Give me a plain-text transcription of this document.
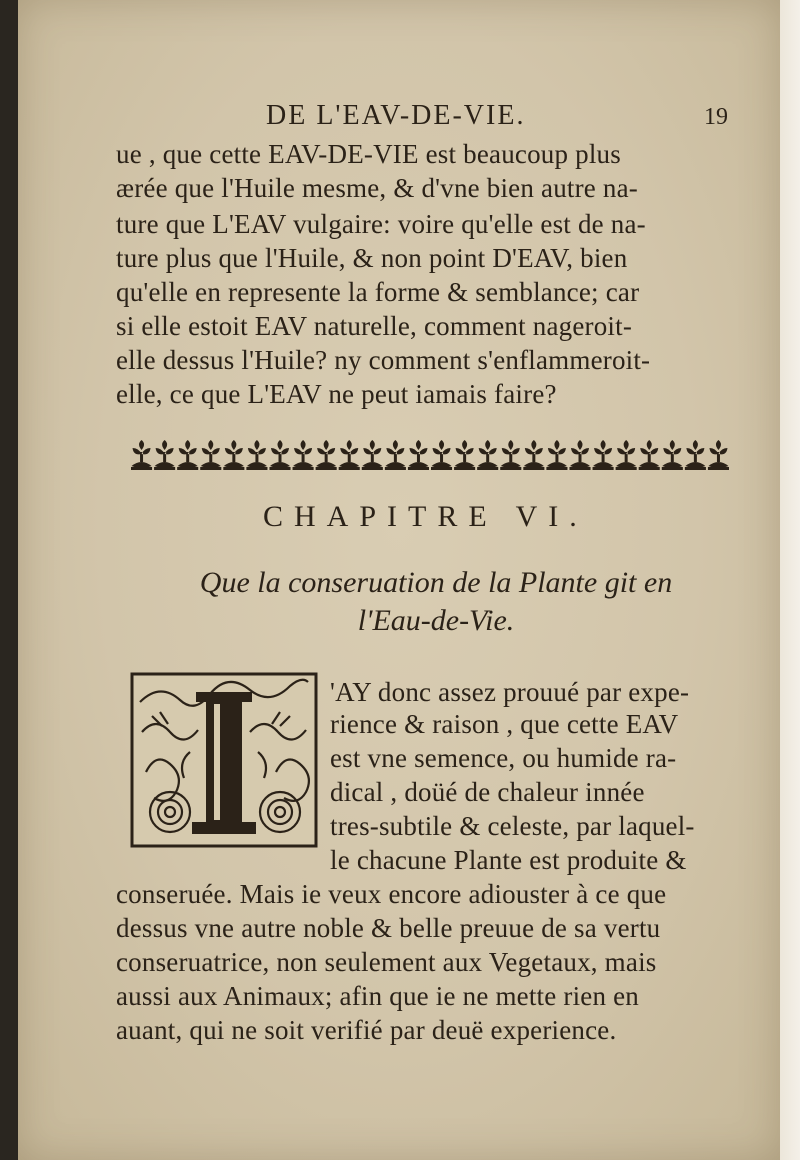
DE L'EAV-DE-VIE.	19
ue , que cette EAV-DE-VIE est beaucoup plus
ærée que l'Huile mesme, & d'vne bien autre na-
ture que L'EAV vulgaire: voire qu'elle est de na-
ture plus que l'Huile, & non point D'EAV, bien
qu'elle en represente la forme & semblance; car
si elle estoit EAV naturelle, comment nageroit-
elle dessus l'Huile? ny comment s'enflammeroit-
elle, ce que L'EAV ne peut iamais faire?
CHAPITRE VI.
Que la conseruation de la Plante git en
l'Eau-de-Vie.
'AY donc assez prouué par expe-
rience & raison , que cette EAV
est vne semence, ou humide ra-
dical , doüé de chaleur innée
tres-subtile & celeste, par laquel-
le chacune Plante est produite &
conseruée. Mais ie veux encore adiouster à ce que
dessus vne autre noble & belle preuue de sa vertu
conseruatrice, non seulement aux Vegetaux, mais
aussi aux Animaux; afin que ie ne mette rien en
auant, qui ne soit verifié par deuë experience.
